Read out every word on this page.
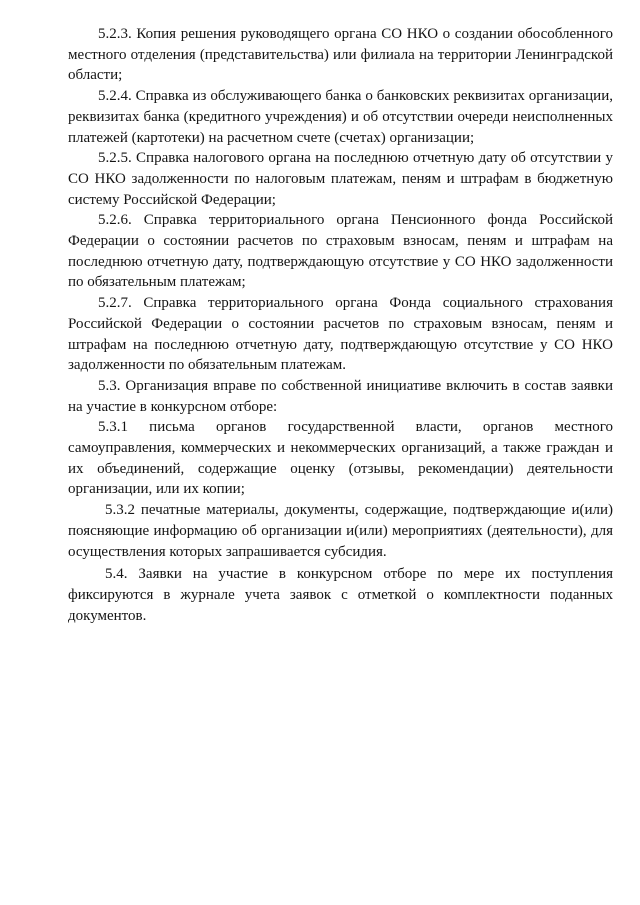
5.2.3. Копия решения руководящего органа СО НКО о создании обособленного местного отделения (представительства) или филиала на территории Ленинградской области;

5.2.4. Справка из обслуживающего банка о банковских реквизитах организации, реквизитах банка (кредитного учреждения) и об отсутствии очереди неисполненных платежей (картотеки) на расчетном счете (счетах) организации;

5.2.5. Справка налогового органа на последнюю отчетную дату об отсутствии у СО НКО задолженности по налоговым платежам, пеням и штрафам в бюджетную систему Российской Федерации;

5.2.6. Справка территориального органа Пенсионного фонда Российской Федерации о состоянии расчетов по страховым взносам, пеням и штрафам на последнюю отчетную дату, подтверждающую отсутствие у СО НКО задолженности по обязательным платежам;

5.2.7. Справка территориального органа Фонда социального страхования Российской Федерации о состоянии расчетов по страховым взносам, пеням и штрафам на последнюю отчетную дату, подтверждающую отсутствие у СО НКО задолженности по обязательным платежам.

5.3. Организация вправе по собственной инициативе включить в состав заявки на участие в конкурсном отборе:

5.3.1 письма органов государственной власти, органов местного самоуправления, коммерческих и некоммерческих организаций, а также граждан и их объединений, содержащие оценку (отзывы, рекомендации) деятельности организации, или их копии;

5.3.2 печатные материалы, документы, содержащие, подтверждающие и(или) поясняющие информацию об организации и(или) мероприятиях (деятельности), для осуществления которых запрашивается субсидия.

5.4. Заявки на участие в конкурсном отборе по мере их поступления фиксируются в журнале учета заявок с отметкой о комплектности поданных документов.
